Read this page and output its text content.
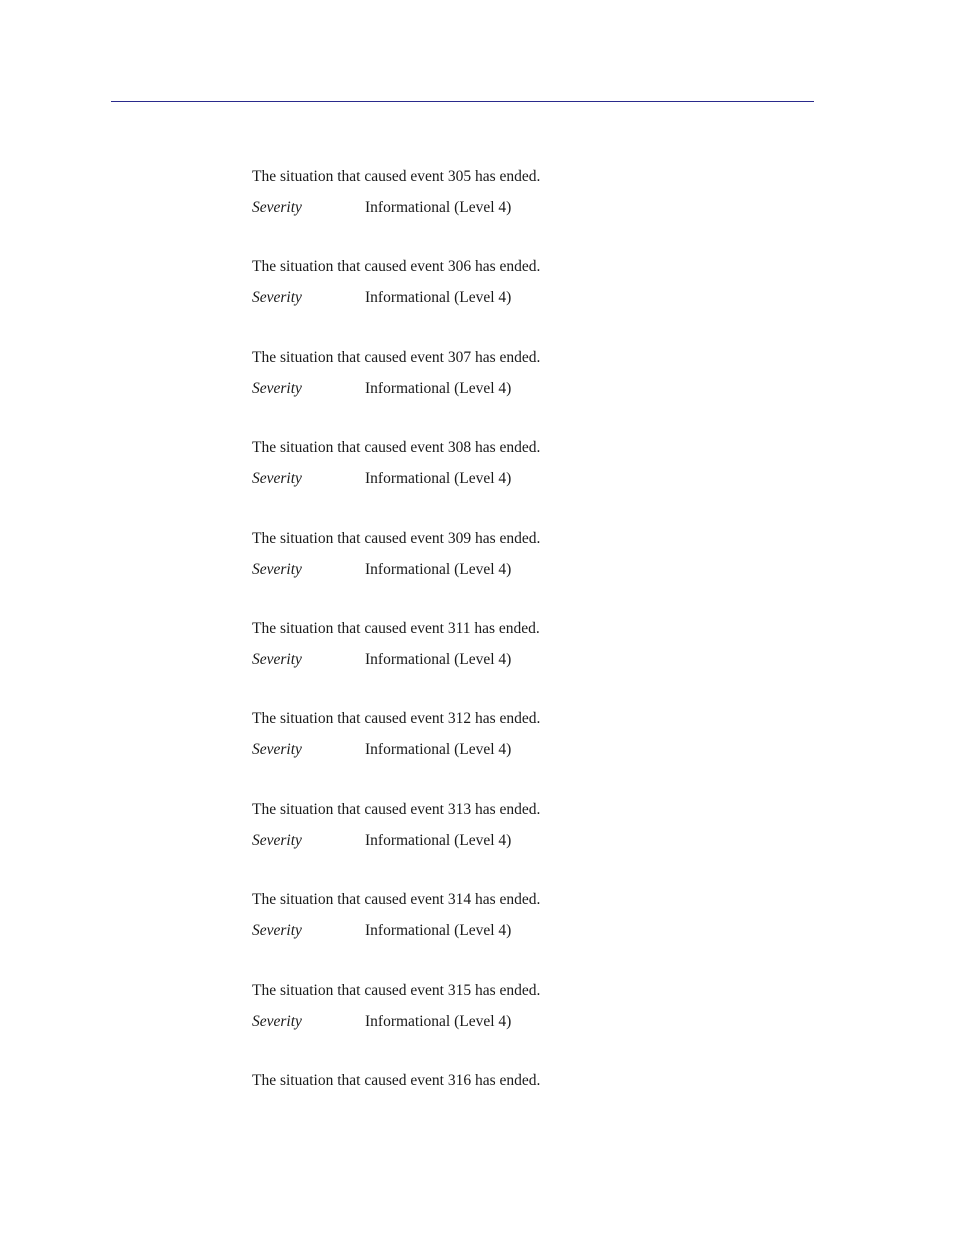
The situation that caused event 305 has ended.
Severity	Informational (Level 4)
The situation that caused event 306 has ended.
Severity	Informational (Level 4)
The situation that caused event 307 has ended.
Severity	Informational (Level 4)
The situation that caused event 308 has ended.
Severity	Informational (Level 4)
The situation that caused event 309 has ended.
Severity	Informational (Level 4)
The situation that caused event 311 has ended.
Severity	Informational (Level 4)
The situation that caused event 312 has ended.
Severity	Informational (Level 4)
The situation that caused event 313 has ended.
Severity	Informational (Level 4)
The situation that caused event 314 has ended.
Severity	Informational (Level 4)
The situation that caused event 315 has ended.
Severity	Informational (Level 4)
The situation that caused event 316 has ended.
